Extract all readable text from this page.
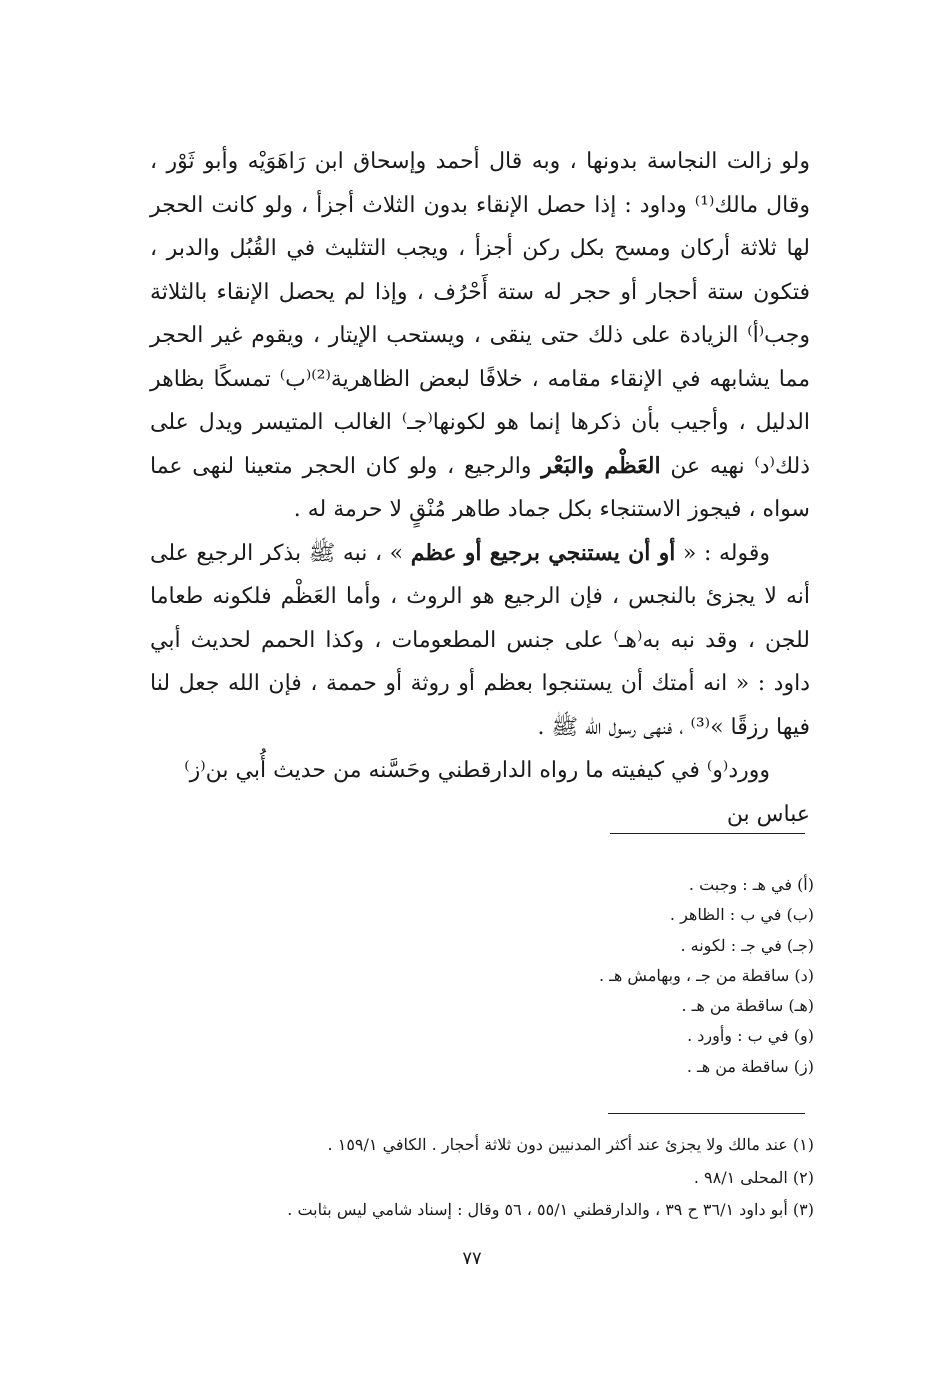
ولو زالت النجاسة بدونها ، وبه قال أحمد وإسحاق ابن رَاهَوَيْه وأبو ثَوْر ، وقال مالك⁽¹⁾ وداود : إذا حصل الإنقاء بدون الثلاث أجزأ ، ولو كانت الحجر لها ثلاثة أركان ومسح بكل ركن أجزأ ، ويجب التثليث في القُبُل والدبر ، فتكون ستة أحجار أو حجر له ستة أَحْرُف ، وإذا لم يحصل الإنقاء بالثلاثة وجب⁽أ⁾ الزيادة على ذلك حتى ينقى ، ويستحب الإيتار ، ويقوم غير الحجر مما يشابهه في الإنقاء مقامه ، خلافًا لبعض الظاهرية⁽²⁾⁽ب⁾ تمسكًا بظاهر الدليل ، وأجيب بأن ذكرها إنما هو لكونها⁽جـ⁾ الغالب المتيسر ويدل على ذلك⁽د⁾ نهيه عن العَظْم والبَعْر والرجيع ، ولو كان الحجر متعينا لنهى عما سواه ، فيجوز الاستنجاء بكل جماد طاهر مُنْقٍ لا حرمة له .

وقوله : « أو أن يستنجي برجيع أو عظم » ، نبه ﷺ بذكر الرجيع على أنه لا يجزئ بالنجس ، فإن الرجيع هو الروث ، وأما العَظْم فلكونه طعاما للجن ، وقد نبه به⁽هـ⁾ على جنس المطعومات ، وكذا الحمم لحديث أبي داود : « انه أمتك أن يستنجوا بعظم أو روثة أو حممة ، فإن الله جعل لنا فيها رزقًا »⁽³⁾ ، فنهى رسول الله ﷺ .

وورد⁽و⁾ في كيفيته ما رواه الدارقطني وحَسَّنه من حديث أُبي بن⁽ز⁾ عباس بن

(أ) في هـ : وجبت .
(ب) في ب : الظاهر .
(جـ) في جـ : لكونه .
(د) ساقطة من جـ ، وبهامش هـ .
(هـ) ساقطة من هـ .
(و) في ب : وأورد .
(ز) ساقطة من هـ .
(١) عند مالك ولا يجزئ عند أكثر المدنيين دون ثلاثة أحجار . الكافي ١٥٩/١ .
(٢) المحلى ٩٨/١ .
(٣) أبو داود ٣٦/١ ح ٣٩ ، والدارقطني ٥٥/١ ، ٥٦ وقال : إسناد شامي ليس بثابت .
٧٧
